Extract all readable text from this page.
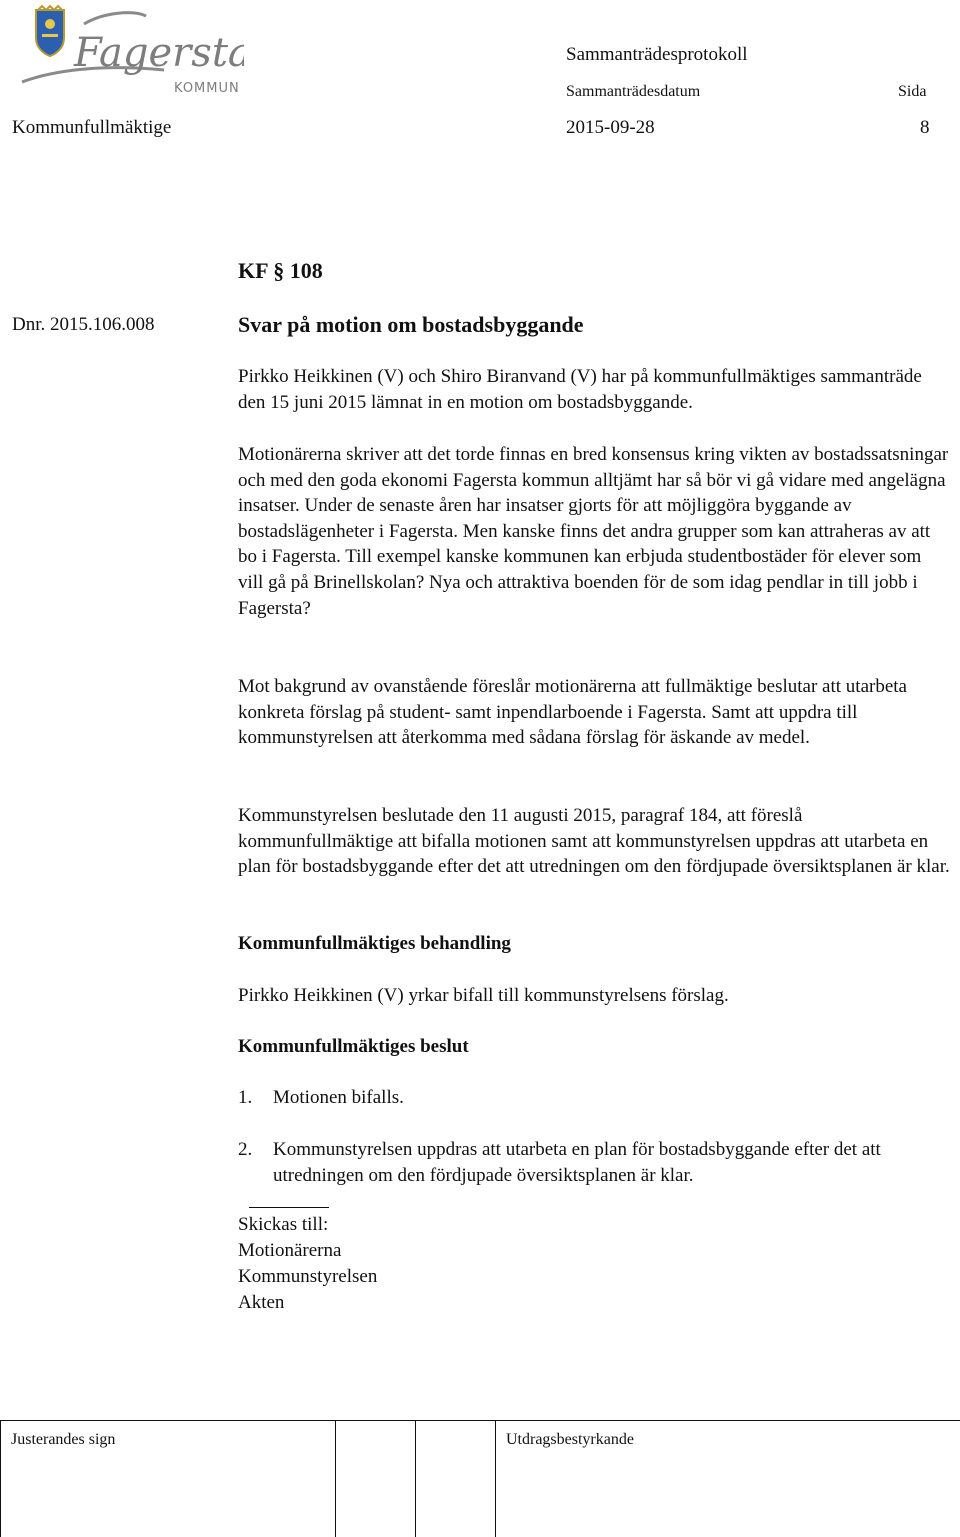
Fagersta
KOMMUN
Sammanträdesprotokoll
Sammanträdesdatum	Sida
Kommunfullmäktige	2015-09-28	8
KF § 108
Dnr. 2015.106.008	Svar på motion om bostadsbyggande
Pirkko Heikkinen (V) och Shiro Biranvand (V) har på kommunfullmäktiges sammanträde den 15 juni 2015 lämnat in en motion om bostadsbyggande.
Motionärerna skriver att det torde finnas en bred konsensus kring vikten av bostadssatsningar och med den goda ekonomi Fagersta kommun alltjämt har så bör vi gå vidare med angelägna insatser. Under de senaste åren har insatser gjorts för att möjliggöra byggande av bostadslägenheter i Fagersta. Men kanske finns det andra grupper som kan attraheras av att bo i Fagersta. Till exempel kanske kommunen kan erbjuda studentbostäder för elever som vill gå på Brinellskolan? Nya och attraktiva boenden för de som idag pendlar in till jobb i Fagersta?
Mot bakgrund av ovanstående föreslår motionärerna att fullmäktige beslutar att utarbeta konkreta förslag på student- samt inpendlarboende i Fagersta. Samt att uppdra till kommunstyrelsen att återkomma med sådana förslag för äskande av medel.
Kommunstyrelsen beslutade den 11 augusti 2015, paragraf 184, att föreslå kommunfullmäktige att bifalla motionen samt att kommunstyrelsen uppdras att utarbeta en plan för bostadsbyggande efter det att utredningen om den fördjupade översiktsplanen är klar.
Kommunfullmäktiges behandling
Pirkko Heikkinen (V) yrkar bifall till kommunstyrelsens förslag.
Kommunfullmäktiges beslut
1. Motionen bifalls.
2. Kommunstyrelsen uppdras att utarbeta en plan för bostadsbyggande efter det att utredningen om den fördjupade översiktsplanen är klar.
Skickas till:
Motionärerna
Kommunstyrelsen
Akten
Justerandes sign	Utdragsbestyrkande
